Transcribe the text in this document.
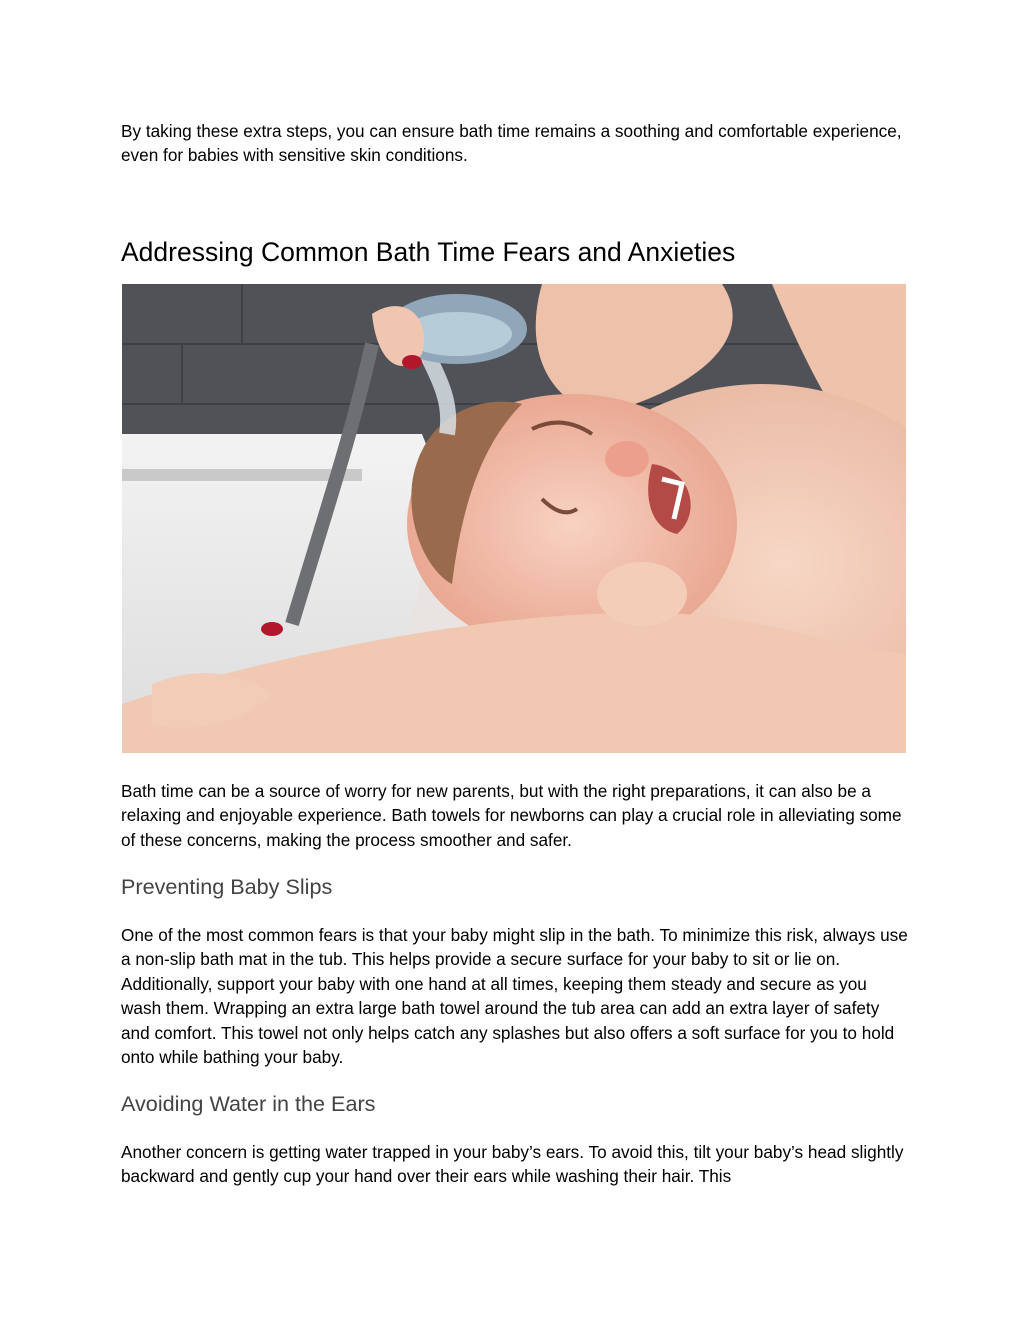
By taking these extra steps, you can ensure bath time remains a soothing and comfortable experience, even for babies with sensitive skin conditions.

Addressing Common Bath Time Fears and Anxieties

Bath time can be a source of worry for new parents, but with the right preparations, it can also be a relaxing and enjoyable experience. Bath towels for newborns can play a crucial role in alleviating some of these concerns, making the process smoother and safer.

Preventing Baby Slips

One of the most common fears is that your baby might slip in the bath. To minimize this risk, always use a non-slip bath mat in the tub. This helps provide a secure surface for your baby to sit or lie on. Additionally, support your baby with one hand at all times, keeping them steady and secure as you wash them. Wrapping an extra large bath towel around the tub area can add an extra layer of safety and comfort. This towel not only helps catch any splashes but also offers a soft surface for you to hold onto while bathing your baby.

Avoiding Water in the Ears

Another concern is getting water trapped in your baby’s ears. To avoid this, tilt your baby’s head slightly backward and gently cup your hand over their ears while washing their hair. This
